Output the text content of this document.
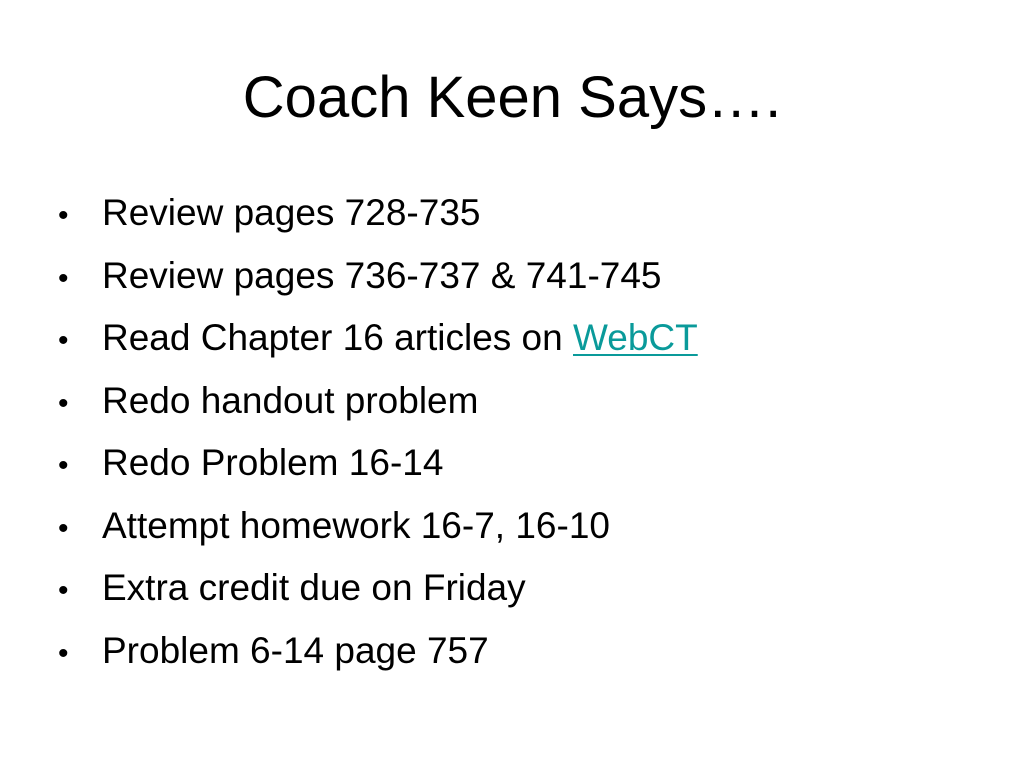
Coach Keen Says….
• Review pages 728-735
• Review pages 736-737 & 741-745
• Read Chapter 16 articles on WebCT
• Redo handout problem
• Redo Problem 16-14
• Attempt homework 16-7, 16-10
• Extra credit due on Friday
• Problem 6-14 page 757
